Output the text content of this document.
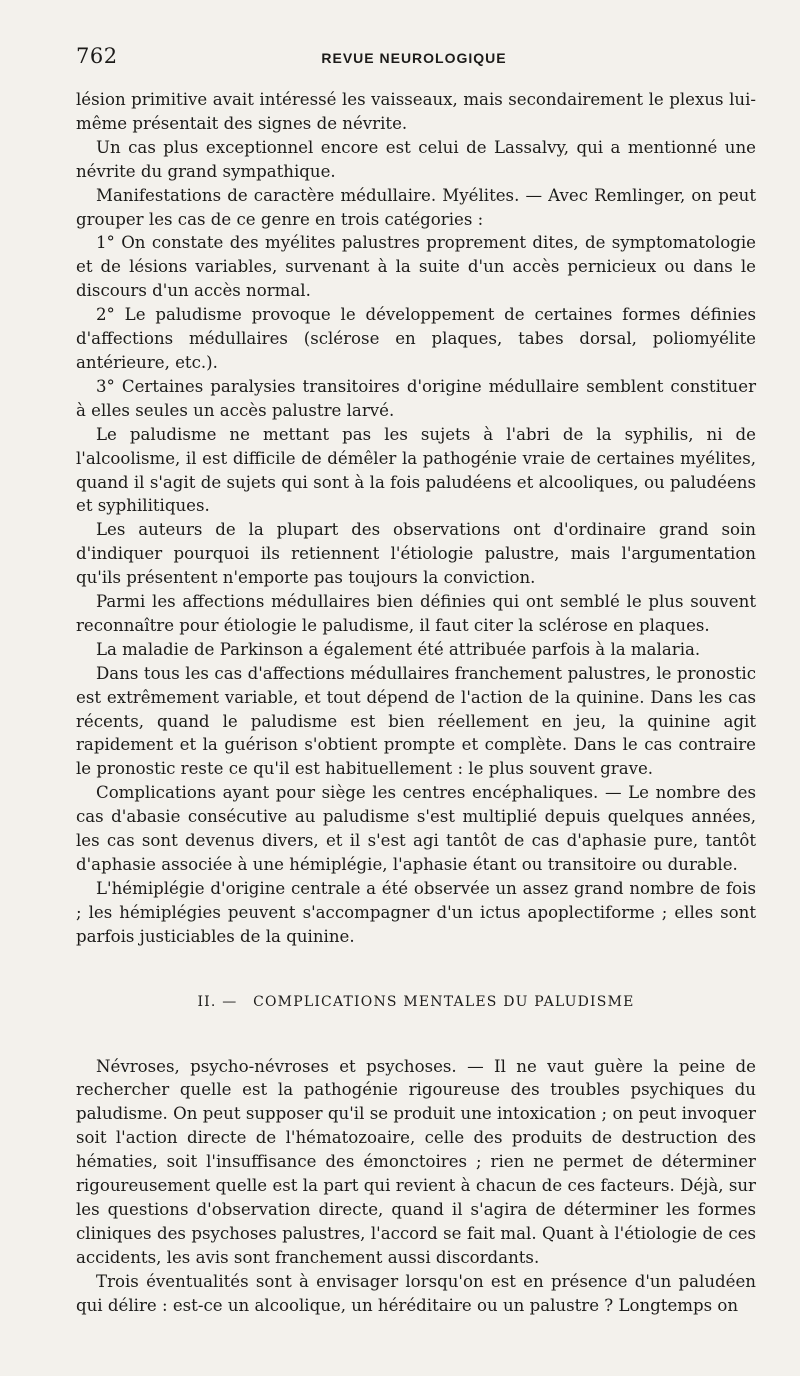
762	REVUE NEUROLOGIQUE

lésion primitive avait intéressé les vaisseaux, mais secondairement le plexus lui-même présentait des signes de névrite.

Un cas plus exceptionnel encore est celui de Lassalvy, qui a mentionné une névrite du grand sympathique.

Manifestations de caractère médullaire. Myélites. — Avec Remlinger, on peut grouper les cas de ce genre en trois catégories :

1° On constate des myélites palustres proprement dites, de symptomatologie et de lésions variables, survenant à la suite d'un accès pernicieux ou dans le discours d'un accès normal.

2° Le paludisme provoque le développement de certaines formes définies d'affections médullaires (sclérose en plaques, tabes dorsal, poliomyélite antérieure, etc.).

3° Certaines paralysies transitoires d'origine médullaire semblent constituer à elles seules un accès palustre larvé.

Le paludisme ne mettant pas les sujets à l'abri de la syphilis, ni de l'alcoolisme, il est difficile de démêler la pathogénie vraie de certaines myélites, quand il s'agit de sujets qui sont à la fois paludéens et alcooliques, ou paludéens et syphilitiques.

Les auteurs de la plupart des observations ont d'ordinaire grand soin d'indiquer pourquoi ils retiennent l'étiologie palustre, mais l'argumentation qu'ils présentent n'emporte pas toujours la conviction.

Parmi les affections médullaires bien définies qui ont semblé le plus souvent reconnaître pour étiologie le paludisme, il faut citer la sclérose en plaques.

La maladie de Parkinson a également été attribuée parfois à la malaria.

Dans tous les cas d'affections médullaires franchement palustres, le pronostic est extrêmement variable, et tout dépend de l'action de la quinine. Dans les cas récents, quand le paludisme est bien réellement en jeu, la quinine agit rapidement et la guérison s'obtient prompte et complète. Dans le cas contraire le pronostic reste ce qu'il est habituellement : le plus souvent grave.

Complications ayant pour siège les centres encéphaliques. — Le nombre des cas d'abasie consécutive au paludisme s'est multiplié depuis quelques années, les cas sont devenus divers, et il s'est agi tantôt de cas d'aphasie pure, tantôt d'aphasie associée à une hémiplégie, l'aphasie étant ou transitoire ou durable.

L'hémiplégie d'origine centrale a été observée un assez grand nombre de fois ; les hémiplégies peuvent s'accompagner d'un ictus apoplectiforme ; elles sont parfois justiciables de la quinine.

II. — COMPLICATIONS MENTALES DU PALUDISME

Névroses, psycho-névroses et psychoses. — Il ne vaut guère la peine de rechercher quelle est la pathogénie rigoureuse des troubles psychiques du paludisme. On peut supposer qu'il se produit une intoxication ; on peut invoquer soit l'action directe de l'hématozoaire, celle des produits de destruction des hématies, soit l'insuffisance des émonctoires ; rien ne permet de déterminer rigoureusement quelle est la part qui revient à chacun de ces facteurs. Déjà, sur les questions d'observation directe, quand il s'agira de déterminer les formes cliniques des psychoses palustres, l'accord se fait mal. Quant à l'étiologie de ces accidents, les avis sont franchement aussi discordants.

Trois éventualités sont à envisager lorsqu'on est en présence d'un paludéen qui délire : est-ce un alcoolique, un héréditaire ou un palustre ? Longtemps on
